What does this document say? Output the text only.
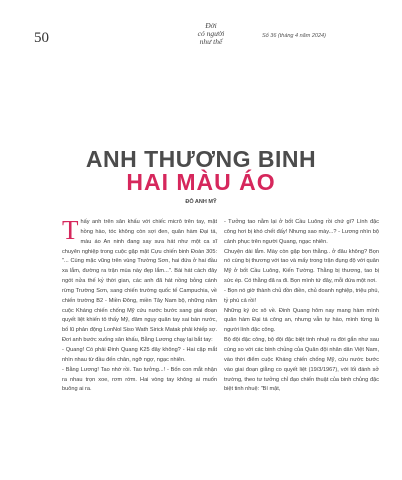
50
Đời
có người
như thế
Số 36 (tháng 4 năm 2024)
ANH THƯƠNG BINH
HAI MÀU ÁO
ĐỖ ANH MỸ
T hấy anh trên sân khấu với chiếc micrô trên tay, mặt hồng hào, tóc không còn sợi đen, quân hàm Đại tá, màu áo An ninh đang say sưa hát như một ca sĩ chuyên nghiệp trong cuộc gặp mặt Cựu chiến binh Đoàn 305: "... Cùng mặc vũng trên vùng Trường Sơn, hai đứa ở hai đầu xa lắm, đường ra trận mùa này đẹp lắm...". Bài hát cách đây ngót nửa thế kỷ thời gian, các anh đã hát nồng bỏng cánh rừng Trường Sơn, sang chiến trường quốc tế Campuchia, về chiến trường B2 - Miền Đông, miền Tây Nam bộ, những năm cuộc Kháng chiến chống Mỹ cứu nước bước sang giai đoạn quyết liệt khiến tô thấy Mỹ, đâm ngụy quân tay sai bán nước, bố lũ phản động LonNol Siso Wath Sirick Matak phải khiếp sợ. Đơi anh bước xuống sân khấu, Bằng Lương chạy lại bắt tay:

- Quang! Có phải Đinh Quang K25 đây không? - Hai cặp mắt nhìn nhau từ đầu đến chân, ngỡ ngợ, ngạc nhiên.

- Bằng Lương! Tao nhớ rồi. Tao tưởng...! - Bốn con mắt nhận ra nhau trọn xoe, rơm rớm. Hai vòng tay không ai muốn buông ai ra.

- Tưởng tao nằm lại ở bốt Cầu Luông rồi chứ gì? Lính đặc công hơi bị khó chết đấy! Nhưng sao mày...? - Lương nhìn bộ cảnh phục trên người Quang, ngạc nhiên.

Chuyện dài lắm. Mày còn gặp bọn thằng.. ở đâu không? Bọn nó cùng bị thương với tao và mấy trong trận đụng độ với quân Mỹ ở bốt Cầu Luông, Kiến Tường. Thằng bị thương, tao bị sức ép. Có thằng đã ra đi. Bọn mình tứ đây, mỗi đứa một nơi.

- Bọn nó giờ thành chủ đồn điền, chủ doanh nghiệp, triệu phú, tỷ phú cả rồi!

Những ký ức xô về. Đinh Quang hôm nay mang hàm mình quân hàm Đại tá công an, nhưng vẫn tự hào, mình từng là người lính đặc công.

Bộ đội đặc công, bộ đội đặc biệt tinh nhuệ ra đời gắn như sau cùng so với các binh chủng của Quân đội nhân dân Việt Nam, vào thời điểm cuộc Kháng chiến chống Mỹ, cứu nước bước vào giai đoạn giằng co quyết liệt (19/3/1967), với lối đánh sở trường, theo tư tưởng chỉ đạo chiến thuật của binh chủng đặc biệt tinh nhuệ: "Bí mật,
